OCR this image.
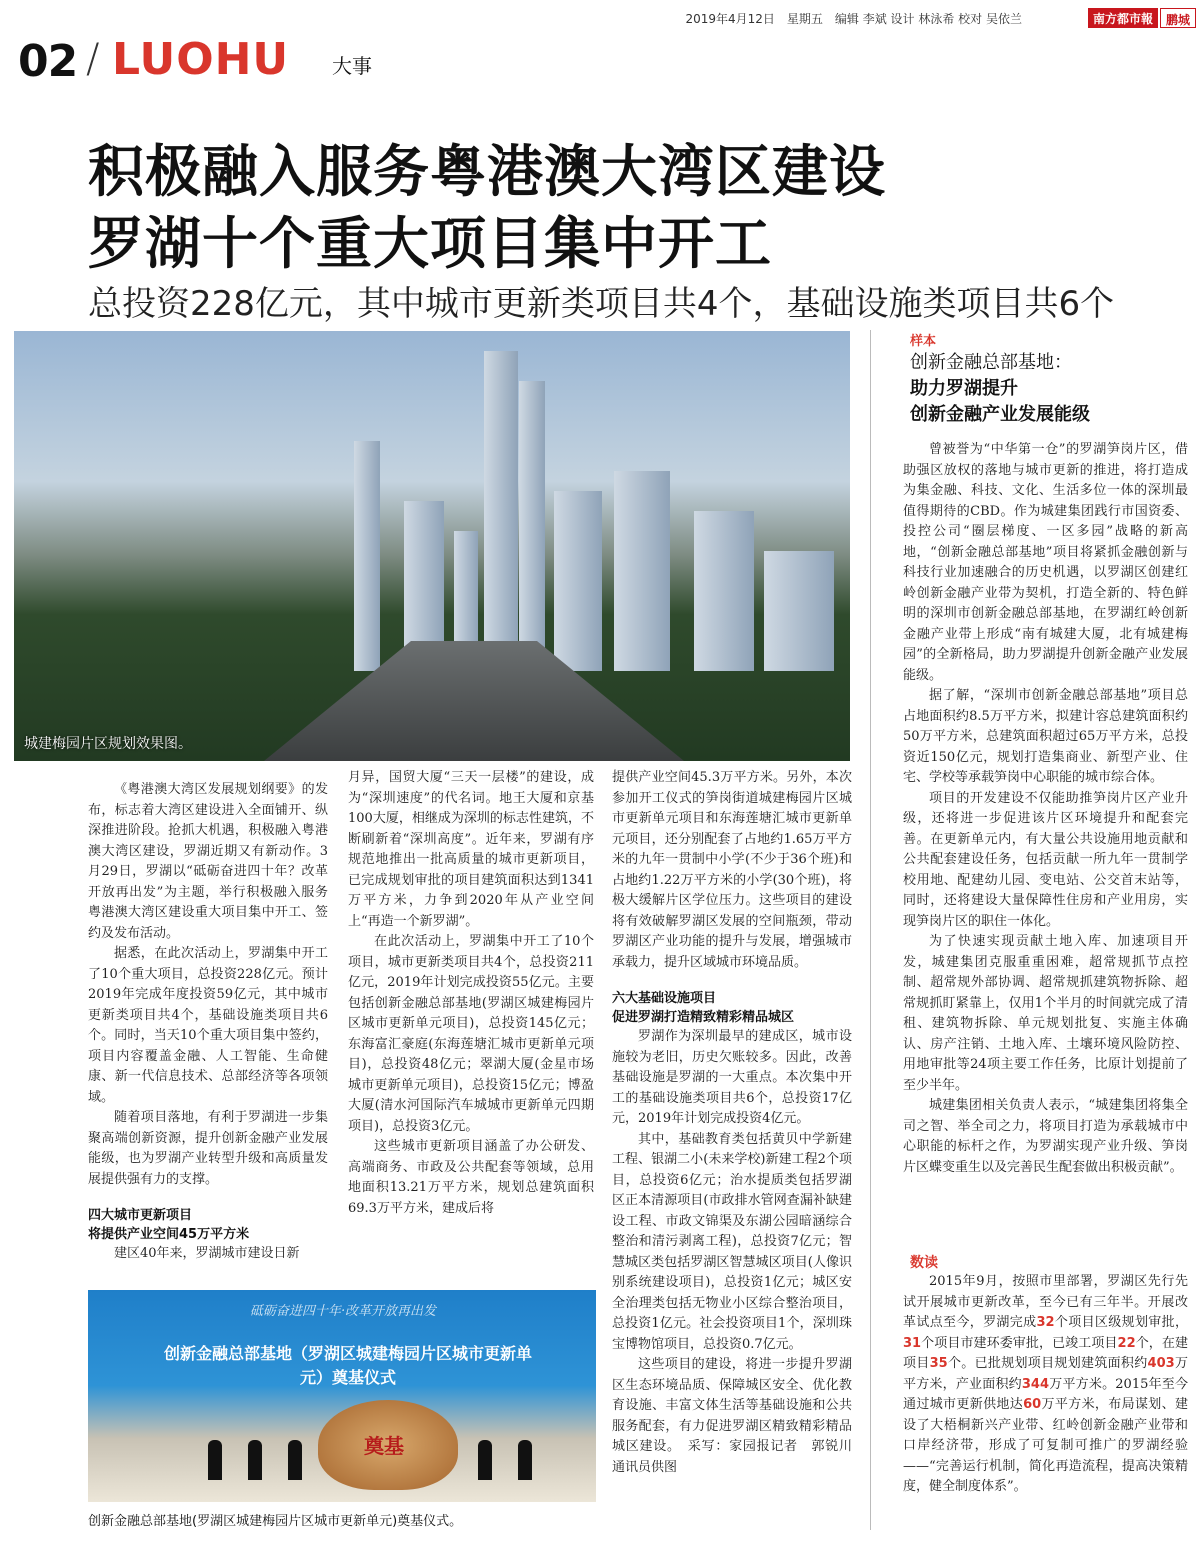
2019年4月12日　星期五　编辑 李斌 设计 林泳希 校对 吴依兰	南方都市報	鹏城
02 / LUOHU 大事
积极融入服务粤港澳大湾区建设
罗湖十个重大项目集中开工
总投资228亿元，其中城市更新类项目共4个，基础设施类项目共6个
城建梅园片区规划效果图。

《粤港澳大湾区发展规划纲要》的发布，标志着大湾区建设进入全面铺开、纵深推进阶段。抢抓大机遇，积极融入粤港澳大湾区建设，罗湖近期又有新动作。3月29日，罗湖以“砥砺奋进四十年？改革开放再出发”为主题，举行积极融入服务粤港澳大湾区建设重大项目集中开工、签约及发布活动。

据悉，在此次活动上，罗湖集中开工了10个重大项目，总投资228亿元。预计2019年完成年度投资59亿元，其中城市更新类项目共4个，基础设施类项目共6个。同时，当天10个重大项目集中签约，项目内容覆盖金融、人工智能、生命健康、新一代信息技术、总部经济等各项领域。

随着项目落地，有利于罗湖进一步集聚高端创新资源，提升创新金融产业发展能级，也为罗湖产业转型升级和高质量发展提供强有力的支撑。

四大城市更新项目
将提供产业空间45万平方米

建区40年来，罗湖城市建设日新

月异，国贸大厦“三天一层楼”的建设，成为“深圳速度”的代名词。地王大厦和京基100大厦，相继成为深圳的标志性建筑，不断刷新着“深圳高度”。近年来，罗湖有序规范地推出一批高质量的城市更新项目，已完成规划审批的项目建筑面积达到1341万平方米，力争到2020年从产业空间上“再造一个新罗湖”。

在此次活动上，罗湖集中开工了10个项目，城市更新类项目共4个，总投资211亿元，2019年计划完成投资55亿元。主要包括创新金融总部基地(罗湖区城建梅园片区城市更新单元项目)，总投资145亿元；东海富汇豪庭(东海莲塘汇城市更新单元项目)，总投资48亿元；翠湖大厦(金星市场城市更新单元项目)，总投资15亿元；博盈大厦(清水河国际汽车城城市更新单元四期项目)，总投资3亿元。

这些城市更新项目涵盖了办公研发、高端商务、市政及公共配套等领域，总用地面积13.21万平方米，规划总建筑面积69.3万平方米，建成后将

提供产业空间45.3万平方米。另外，本次参加开工仪式的笋岗街道城建梅园片区城市更新单元项目和东海莲塘汇城市更新单元项目，还分别配套了占地约1.65万平方米的九年一贯制中小学(不少于36个班)和占地约1.22万平方米的小学(30个班)，将极大缓解片区学位压力。这些项目的建设将有效破解罗湖区发展的空间瓶颈，带动罗湖区产业功能的提升与发展，增强城市承载力，提升区域城市环境品质。

六大基础设施项目
促进罗湖打造精致精彩精品城区

罗湖作为深圳最早的建成区，城市设施较为老旧，历史欠账较多。因此，改善基础设施是罗湖的一大重点。本次集中开工的基础设施类项目共6个，总投资17亿元，2019年计划完成投资4亿元。

其中，基础教育类包括黄贝中学新建工程、银湖二小(未来学校)新建工程2个项目，总投资6亿元；治水提质类包括罗湖区正本清源项目(市政排水管网查漏补缺建设工程、市政文锦渠及东湖公园暗涵综合整治和清污剥离工程)，总投资7亿元；智慧城区类包括罗湖区智慧城区项目(人像识别系统建设项目)，总投资1亿元；城区安全治理类包括无物业小区综合整治项目，总投资1亿元。社会投资项目1个，深圳珠宝博物馆项目，总投资0.7亿元。

这些项目的建设，将进一步提升罗湖区生态环境品质、保障城区安全、优化教育设施、丰富文体生活等基础设施和公共服务配套，有力促进罗湖区精致精彩精品城区建设。　采写：家园报记者　郭锐川　通讯员供图

砥砺奋进四十年·改革开放再出发
创新金融总部基地（罗湖区城建梅园片区城市更新单元）奠基仪式
奠基
创新金融总部基地(罗湖区城建梅园片区城市更新单元)奠基仪式。
样本
创新金融总部基地：
助力罗湖提升
创新金融产业发展能级

曾被誉为“中华第一仓”的罗湖笋岗片区，借助强区放权的落地与城市更新的推进，将打造成为集金融、科技、文化、生活多位一体的深圳最值得期待的CBD。作为城建集团践行市国资委、投控公司“圈层梯度、一区多园”战略的新高地，“创新金融总部基地”项目将紧抓金融创新与科技行业加速融合的历史机遇，以罗湖区创建红岭创新金融产业带为契机，打造全新的、特色鲜明的深圳市创新金融总部基地，在罗湖红岭创新金融产业带上形成“南有城建大厦，北有城建梅园”的全新格局，助力罗湖提升创新金融产业发展能级。

据了解，“深圳市创新金融总部基地”项目总占地面积约8.5万平方米，拟建计容总建筑面积约50万平方米，总建筑面积超过65万平方米，总投资近150亿元，规划打造集商业、新型产业、住宅、学校等承载笋岗中心职能的城市综合体。

项目的开发建设不仅能助推笋岗片区产业升级，还将进一步促进该片区环境提升和配套完善。在更新单元内，有大量公共设施用地贡献和公共配套建设任务，包括贡献一所九年一贯制学校用地、配建幼儿园、变电站、公交首末站等，同时，还将建设大量保障性住房和产业用房，实现笋岗片区的职住一体化。

为了快速实现贡献土地入库、加速项目开发，城建集团克服重重困难，超常规抓节点控制、超常规外部协调、超常规抓建筑物拆除、超常规抓盯紧靠上，仅用1个半月的时间就完成了清租、建筑物拆除、单元规划批复、实施主体确认、房产注销、土地入库、土壤环境风险防控、用地审批等24项主要工作任务，比原计划提前了至少半年。

城建集团相关负责人表示，“城建集团将集全司之智、举全司之力，将项目打造为承载城市中心职能的标杆之作，为罗湖实现产业升级、笋岗片区蝶变重生以及完善民生配套做出积极贡献”。

数读

2015年9月，按照市里部署，罗湖区先行先试开展城市更新改革，至今已有三年半。开展改革试点至今，罗湖完成32个项目区级规划审批，31个项目市建环委审批，已竣工项目22个，在建项目35个。已批规划项目规划建筑面积约403万平方米，产业面积约344万平方米。2015年至今通过城市更新供地达60万平方米，布局谋划、建设了大梧桐新兴产业带、红岭创新金融产业带和口岸经济带，形成了可复制可推广的罗湖经验——“完善运行机制，简化再造流程，提高决策精度，健全制度体系”。
